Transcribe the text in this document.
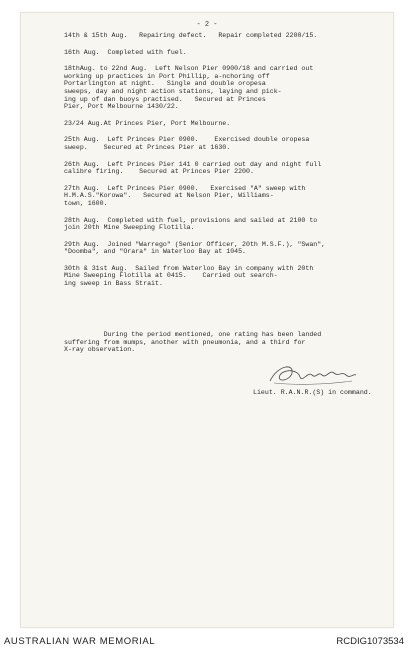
- 2 -
14th & 15th Aug.   Repairing defect.   Repair completed 2200/15.
16th Aug.  Completed with fuel.
18thAug. to 22nd Aug.  Left Nelson Pier 0900/18 and carried out
working up practices in Port Phillip, a-nchoring off
Portarlington at night.   Single and double oropesa
sweeps, day and night action stations, laying and pick-
ing up of dan buoys practised.   Secured at Princes
Pier, Port Melbourne 1430/22.
23/24 Aug.At Princes Pier, Port Melbourne.
25th Aug.  Left Princes Pier 0900.    Exercised double oropesa
sweep.    Secured at Princes Pier at 1630.
26th Aug.  Left Princes Pier 141 0 carried out day and night full
calibre firing.    Secured at Princes Pier 2200.
27th Aug.  Left Princes Pier 0900.   Exercised "A" sweep with
H.M.A.S."Korowa".   Secured at Nelson Pier, Williams-
town, 1600.
28th Aug.  Completed with fuel, provisions and sailed at 2100 to
join 20th Mine Sweeping Flotilla.
29th Aug.  Joined "Warrego" (Senior Officer, 20th M.S.F.), "Swan",
"Doomba", and "Orara" in Waterloo Bay at 1045.
30th & 31st Aug.  Sailed from Waterloo Bay in company with 20th
Mine Sweeping Flotilla at 0415.    Carried out search-
ing sweep in Bass Strait.
During the period mentioned, one rating has been landed
suffering from mumps, another with pneumonia, and a third for
X-ray observation.
Lieut. R.A.N.R.(S) in command.
AUSTRALIAN WAR MEMORIAL	RCDIG1073534
